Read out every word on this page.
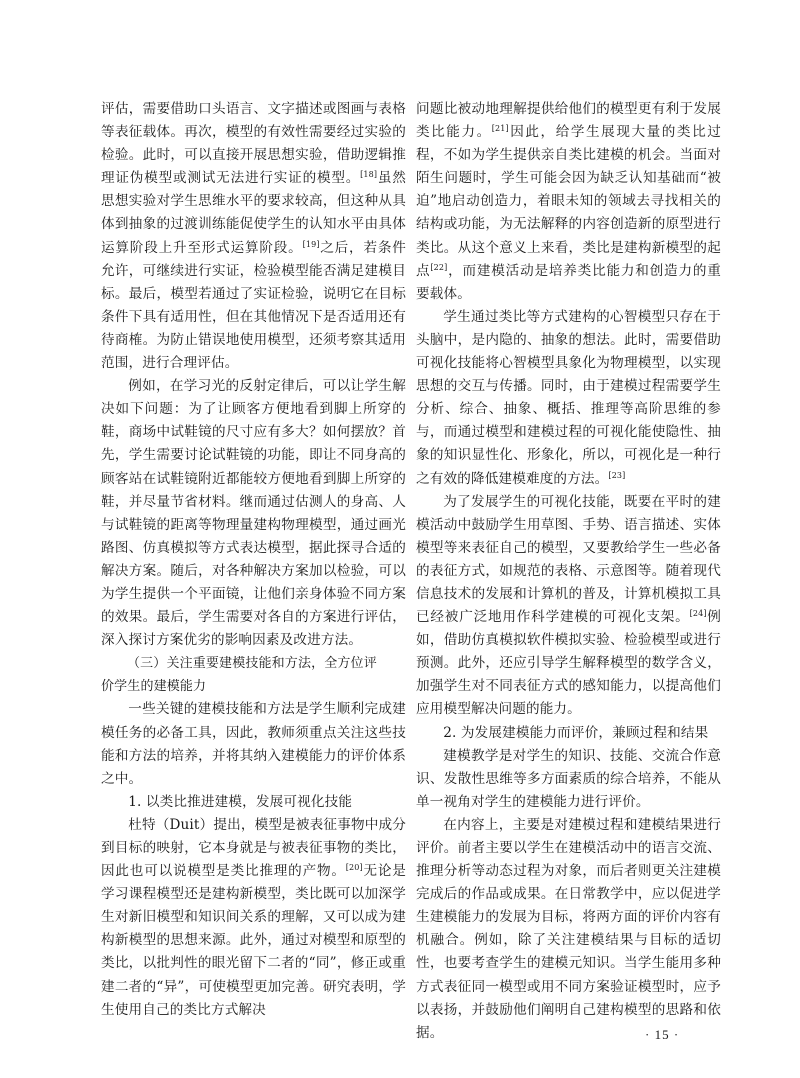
评估，需要借助口头语言、文字描述或图画与表格等表征载体。再次，模型的有效性需要经过实验的检验。此时，可以直接开展思想实验，借助逻辑推理证伪模型或测试无法进行实证的模型。[18]虽然思想实验对学生思维水平的要求较高，但这种从具体到抽象的过渡训练能促使学生的认知水平由具体运算阶段上升至形式运算阶段。[19]之后，若条件允许，可继续进行实证，检验模型能否满足建模目标。最后，模型若通过了实证检验，说明它在目标条件下具有适用性，但在其他情况下是否适用还有待商榷。为防止错误地使用模型，还须考察其适用范围，进行合理评估。

例如，在学习光的反射定律后，可以让学生解决如下问题：为了让顾客方便地看到脚上所穿的鞋，商场中试鞋镜的尺寸应有多大？如何摆放？首先，学生需要讨论试鞋镜的功能，即让不同身高的顾客站在试鞋镜附近都能较方便地看到脚上所穿的鞋，并尽量节省材料。继而通过估测人的身高、人与试鞋镜的距离等物理量建构物理模型，通过画光路图、仿真模拟等方式表达模型，据此探寻合适的解决方案。随后，对各种解决方案加以检验，可以为学生提供一个平面镜，让他们亲身体验不同方案的效果。最后，学生需要对各自的方案进行评估，深入探讨方案优劣的影响因素及改进方法。

（三）关注重要建模技能和方法，全方位评

价学生的建模能力

一些关键的建模技能和方法是学生顺利完成建模任务的必备工具，因此，教师须重点关注这些技能和方法的培养，并将其纳入建模能力的评价体系之中。

1. 以类比推进建模，发展可视化技能

杜特（Duit）提出，模型是被表征事物中成分到目标的映射，它本身就是与被表征事物的类比，因此也可以说模型是类比推理的产物。[20]无论是学习课程模型还是建构新模型，类比既可以加深学生对新旧模型和知识间关系的理解，又可以成为建构新模型的思想来源。此外，通过对模型和原型的类比，以批判性的眼光留下二者的“同”，修正或重建二者的“异”，可使模型更加完善。研究表明，学生使用自己的类比方式解决

问题比被动地理解提供给他们的模型更有利于发展类比能力。[21]因此，给学生展现大量的类比过程，不如为学生提供亲自类比建模的机会。当面对陌生问题时，学生可能会因为缺乏认知基础而“被迫”地启动创造力，着眼未知的领域去寻找相关的结构或功能，为无法解释的内容创造新的原型进行类比。从这个意义上来看，类比是建构新模型的起点[22]，而建模活动是培养类比能力和创造力的重要载体。

学生通过类比等方式建构的心智模型只存在于头脑中，是内隐的、抽象的想法。此时，需要借助可视化技能将心智模型具象化为物理模型，以实现思想的交互与传播。同时，由于建模过程需要学生分析、综合、抽象、概括、推理等高阶思维的参与，而通过模型和建模过程的可视化能使隐性、抽象的知识显性化、形象化，所以，可视化是一种行之有效的降低建模难度的方法。[23]

为了发展学生的可视化技能，既要在平时的建模活动中鼓励学生用草图、手势、语言描述、实体模型等来表征自己的模型，又要教给学生一些必备的表征方式，如规范的表格、示意图等。随着现代信息技术的发展和计算机的普及，计算机模拟工具已经被广泛地用作科学建模的可视化支架。[24]例如，借助仿真模拟软件模拟实验、检验模型或进行预测。此外，还应引导学生解释模型的数学含义，加强学生对不同表征方式的感知能力，以提高他们应用模型解决问题的能力。

2. 为发展建模能力而评价，兼顾过程和结果

建模教学是对学生的知识、技能、交流合作意识、发散性思维等多方面素质的综合培养，不能从单一视角对学生的建模能力进行评价。

在内容上，主要是对建模过程和建模结果进行评价。前者主要以学生在建模活动中的语言交流、推理分析等动态过程为对象，而后者则更关注建模完成后的作品或成果。在日常教学中，应以促进学生建模能力的发展为目标，将两方面的评价内容有机融合。例如，除了关注建模结果与目标的适切性，也要考查学生的建模元知识。当学生能用多种方式表征同一模型或用不同方案验证模型时，应予以表扬，并鼓励他们阐明自己建构模型的思路和依据。	· 15 ·
